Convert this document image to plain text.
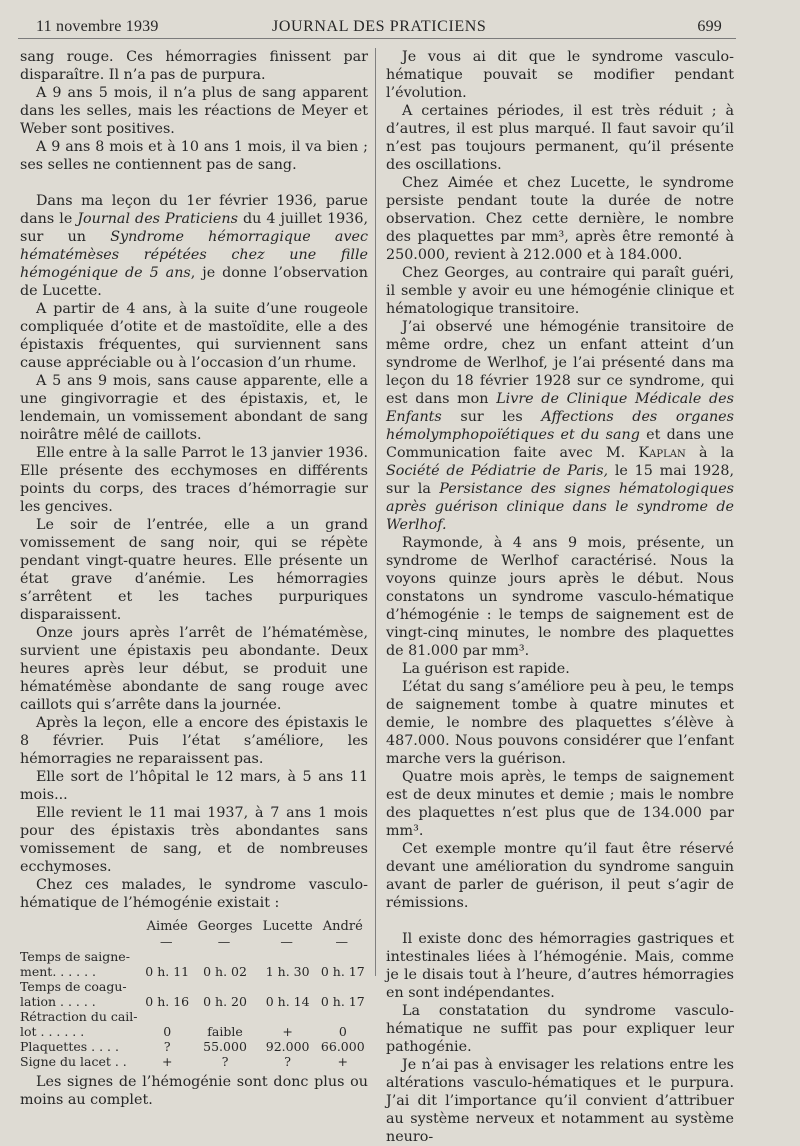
11 novembre 1939	JOURNAL DES PRATICIENS	699

sang rouge. Ces hémorragies finissent par disparaître. Il n’a pas de purpura.

A 9 ans 5 mois, il n’a plus de sang apparent dans les selles, mais les réactions de Meyer et Weber sont positives.

A 9 ans 8 mois et à 10 ans 1 mois, il va bien ; ses selles ne contiennent pas de sang.

Dans ma leçon du 1er février 1936, parue dans le Journal des Praticiens du 4 juillet 1936, sur un Syndrome hémorragique avec hématémèses répétées chez une fille hémogénique de 5 ans, je donne l’observation de Lucette.

A partir de 4 ans, à la suite d’une rougeole compliquée d’otite et de mastoïdite, elle a des épistaxis fréquentes, qui surviennent sans cause appréciable ou à l’occasion d’un rhume.

A 5 ans 9 mois, sans cause apparente, elle a une gingivorragie et des épistaxis, et, le lendemain, un vomissement abondant de sang noirâtre mêlé de caillots.

Elle entre à la salle Parrot le 13 janvier 1936. Elle présente des ecchymoses en différents points du corps, des traces d’hémorragie sur les gencives.

Le soir de l’entrée, elle a un grand vomissement de sang noir, qui se répète pendant vingt-quatre heures. Elle présente un état grave d’anémie. Les hémorragies s’arrêtent et les taches purpuriques disparaissent.

Onze jours après l’arrêt de l’hématémèse, survient une épistaxis peu abondante. Deux heures après leur début, se produit une hématémèse abondante de sang rouge avec caillots qui s’arrête dans la journée.

Après la leçon, elle a encore des épistaxis le 8 février. Puis l’état s’améliore, les hémorragies ne reparaissent pas.

Elle sort de l’hôpital le 12 mars, à 5 ans 11 mois...

Elle revient le 11 mai 1937, à 7 ans 1 mois pour des épistaxis très abondantes sans vomissement de sang, et de nombreuses ecchymoses.

Chez ces malades, le syndrome vasculo-hématique de l’hémogénie existait :

	Aimée	Georges	Lucette	André

	—	—	—	—

Temps de saigne-
ment. . . . . .	0 h. 11	0 h. 02	1 h. 30	0 h. 17
Temps de coagu-
lation . . . . .	0 h. 16	0 h. 20	0 h. 14	0 h. 17
Rétraction du cail-
lot . . . . . .	0	faible	+	0
Plaquettes . . . .	?	55.000	92.000	66.000
Signe du lacet . .	+	?	?	+

Les signes de l’hémogénie sont donc plus ou moins au complet.

Je vous ai dit que le syndrome vasculo-hématique pouvait se modifier pendant l’évolution.

A certaines périodes, il est très réduit ; à d’autres, il est plus marqué. Il faut savoir qu’il n’est pas toujours permanent, qu’il présente des oscillations.

Chez Aimée et chez Lucette, le syndrome persiste pendant toute la durée de notre observation. Chez cette dernière, le nombre des plaquettes par mm³, après être remonté à 250.000, revient à 212.000 et à 184.000.

Chez Georges, au contraire qui paraît guéri, il semble y avoir eu une hémogénie clinique et hématologique transitoire.

J’ai observé une hémogénie transitoire de même ordre, chez un enfant atteint d’un syndrome de Werlhof, je l’ai présenté dans ma leçon du 18 février 1928 sur ce syndrome, qui est dans mon Livre de Clinique Médicale des Enfants sur les Affections des organes hémolymphopoïétiques et du sang et dans une Communication faite avec M. Kaplan à la Société de Pédiatrie de Paris, le 15 mai 1928, sur la Persistance des signes hématologiques après guérison clinique dans le syndrome de Werlhof.

Raymonde, à 4 ans 9 mois, présente, un syndrome de Werlhof caractérisé. Nous la voyons quinze jours après le début. Nous constatons un syndrome vasculo-hématique d’hémogénie : le temps de saignement est de vingt-cinq minutes, le nombre des plaquettes de 81.000 par mm³.

La guérison est rapide.

L’état du sang s’améliore peu à peu, le temps de saignement tombe à quatre minutes et demie, le nombre des plaquettes s’élève à 487.000. Nous pouvons considérer que l’enfant marche vers la guérison.

Quatre mois après, le temps de saignement est de deux minutes et demie ; mais le nombre des plaquettes n’est plus que de 134.000 par mm³.

Cet exemple montre qu’il faut être réservé devant une amélioration du syndrome sanguin avant de parler de guérison, il peut s’agir de rémissions.

Il existe donc des hémorragies gastriques et intestinales liées à l’hémogénie. Mais, comme je le disais tout à l’heure, d’autres hémorragies en sont indépendantes.

La constatation du syndrome vasculo-hématique ne suffit pas pour expliquer leur pathogénie.

Je n’ai pas à envisager les relations entre les altérations vasculo-hématiques et le purpura. J’ai dit l’importance qu’il convient d’attribuer au système nerveux et notamment au système neuro-
